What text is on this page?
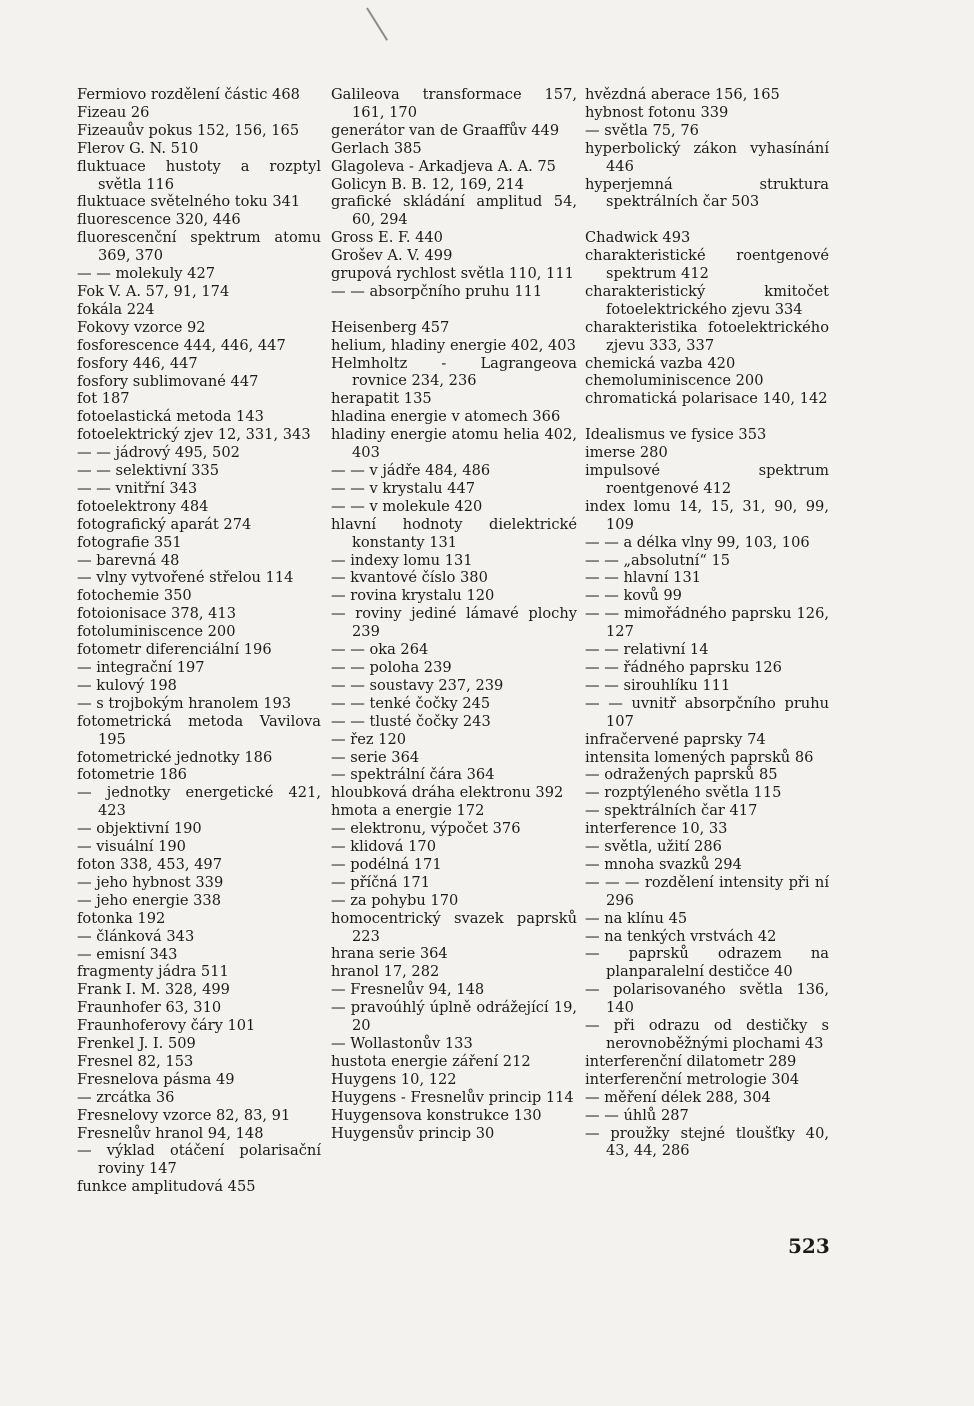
Fermiovo rozdělení částic 468
Fizeau 26
Fizeauův pokus 152, 156, 165
Flerov G. N. 510
fluktuace hustoty a rozptyl světla 116
fluktuace světelného toku 341
fluorescence 320, 446
fluorescenční spektrum atomu 369, 370
— — molekuly 427
Fok V. A. 57, 91, 174
fokála 224
Fokovy vzorce 92
fosforescence 444, 446, 447
fosfory 446, 447
fosfory sublimované 447
fot 187
fotoelastická metoda 143
fotoelektrický zjev 12, 331, 343
— — jádrový 495, 502
— — selektivní 335
— — vnitřní 343
fotoelektrony 484
fotografický aparát 274
fotografie 351
— barevná 48
— vlny vytvořené střelou 114
fotochemie 350
fotoionisace 378, 413
fotoluminiscence 200
fotometr diferenciální 196
— integrační 197
— kulový 198
— s trojbokým hranolem 193
fotometrická metoda Vavilova 195
fotometrické jednotky 186
fotometrie 186
— jednotky energetické 421, 423
— objektivní 190
— visuální 190
foton 338, 453, 497
— jeho hybnost 339
— jeho energie 338
fotonka 192
— článková 343
— emisní 343
fragmenty jádra 511
Frank I. M. 328, 499
Fraunhofer 63, 310
Fraunhoferovy čáry 101
Frenkel J. I. 509
Fresnel 82, 153
Fresnelova pásma 49
— zrcátka 36
Fresnelovy vzorce 82, 83, 91
Fresnelův hranol 94, 148
— výklad otáčení polarisační roviny 147
funkce amplitudová 455
Galileova transformace 157, 161, 170
generátor van de Graaffův 449
Gerlach 385
Glagoleva - Arkadjeva A. A. 75
Golicyn B. B. 12, 169, 214
grafické skládání amplitud 54, 60, 294
Gross E. F. 440
Grošev A. V. 499
grupová rychlost světla 110, 111
— — absorpčního pruhu 111
Heisenberg 457
helium, hladiny energie 402, 403
Helmholtz - Lagrangeova rovnice 234, 236
herapatit 135
hladina energie v atomech 366
hladiny energie atomu helia 402, 403
— — v jádře 484, 486
— — v krystalu 447
— — v molekule 420
hlavní hodnoty dielektrické konstanty 131
— indexy lomu 131
— kvantové číslo 380
— rovina krystalu 120
— roviny jediné lámavé plochy 239
— — oka 264
— — poloha 239
— — soustavy 237, 239
— — tenké čočky 245
— — tlusté čočky 243
— řez 120
— serie 364
— spektrální čára 364
hloubková dráha elektronu 392
hmota a energie 172
— elektronu, výpočet 376
— klidová 170
— podélná 171
— příčná 171
— za pohybu 170
homocentrický svazek paprsků 223
hrana serie 364
hranol 17, 282
— Fresnelův 94, 148
— pravoúhlý úplně odrážející 19, 20
— Wollastonův 133
hustota energie záření 212
Huygens 10, 122
Huygens - Fresnelův princip 114
Huygensova konstrukce 130
Huygensův princip 30
hvězdná aberace 156, 165
hybnost fotonu 339
— světla 75, 76
hyperbolický zákon vyhasínání 446
hyperjemná struktura spektrálních čar 503
Chadwick 493
charakteristické roentgenové spektrum 412
charakteristický kmitočet fotoelektrického zjevu 334
charakteristika fotoelektrického zjevu 333, 337
chemická vazba 420
chemoluminiscence 200
chromatická polarisace 140, 142
Idealismus ve fysice 353
imerse 280
impulsové spektrum roentgenové 412
index lomu 14, 15, 31, 90, 99, 109
— — a délka vlny 99, 103, 106
— — „absolutní“ 15
— — hlavní 131
— — kovů 99
— — mimořádného paprsku 126, 127
— — relativní 14
— — řádného paprsku 126
— — sirouhlíku 111
— — uvnitř absorpčního pruhu 107
infračervené paprsky 74
intensita lomených paprsků 86
— odražených paprsků 85
— rozptýleného světla 115
— spektrálních čar 417
interference 10, 33
— světla, užití 286
— mnoha svazků 294
— — — rozdělení intensity při ní 296
— na klínu 45
— na tenkých vrstvách 42
— paprsků odrazem na planparalelní destičce 40
— polarisovaného světla 136, 140
— při odrazu od destičky s nerovnoběžnými plochami 43
interferenční dilatometr 289
interferenční metrologie 304
— měření délek 288, 304
— — úhlů 287
— proužky stejné tloušťky 40, 43, 44, 286
523
